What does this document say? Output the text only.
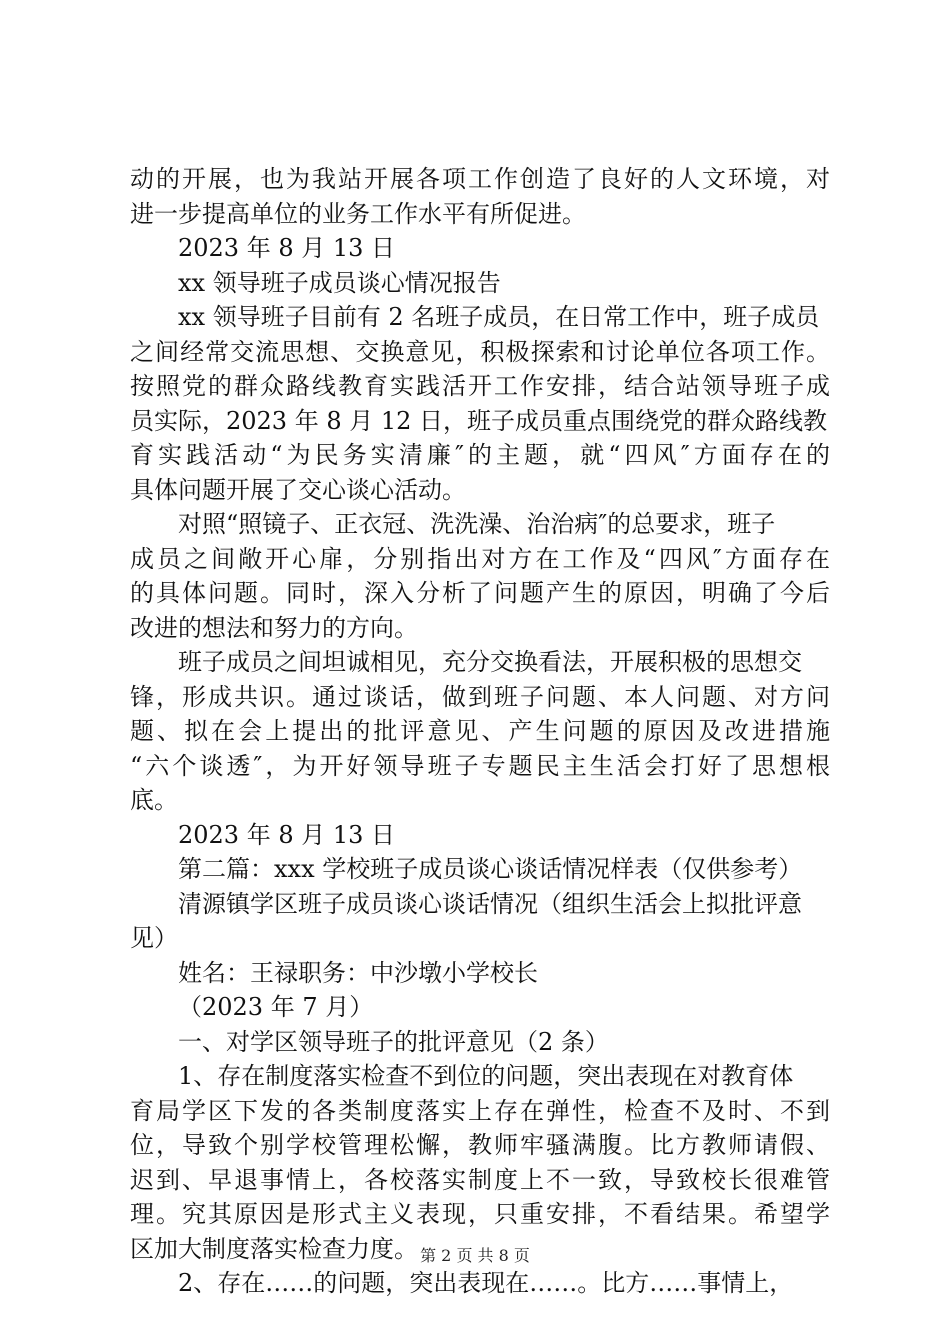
动的开展，也为我站开展各项工作创造了良好的人文环境，对
进一步提高单位的业务工作水平有所促进。
2023 年 8 月 13 日
xx 领导班子成员谈心情况报告
xx 领导班子目前有 2 名班子成员，在日常工作中，班子成员
之间经常交流思想、交换意见，积极探索和讨论单位各项工作。
按照党的群众路线教育实践活开工作安排，结合站领导班子成
员实际，2023 年 8 月 12 日，班子成员重点围绕党的群众路线教
育实践活动“为民务实清廉″的主题，就“四风″方面存在的
具体问题开展了交心谈心活动。
对照“照镜子、正衣冠、洗洗澡、治治病″的总要求，班子
成员之间敞开心扉，分别指出对方在工作及“四风″方面存在
的具体问题。同时，深入分析了问题产生的原因，明确了今后
改进的想法和努力的方向。
班子成员之间坦诚相见，充分交换看法，开展积极的思想交
锋，形成共识。通过谈话，做到班子问题、本人问题、对方问
题、拟在会上提出的批评意见、产生问题的原因及改进措施
“六个谈透″，为开好领导班子专题民主生活会打好了思想根
底。
2023 年 8 月 13 日
第二篇：xxx 学校班子成员谈心谈话情况样表（仅供参考）
清源镇学区班子成员谈心谈话情况（组织生活会上拟批评意
见）
姓名：王禄职务：中沙墩小学校长
（2023 年 7 月）
一、对学区领导班子的批评意见（2 条）
1、存在制度落实检查不到位的问题，突出表现在对教育体
育局学区下发的各类制度落实上存在弹性，检查不及时、不到
位，导致个别学校管理松懈，教师牢骚满腹。比方教师请假、
迟到、早退事情上，各校落实制度上不一致，导致校长很难管
理。究其原因是形式主义表现，只重安排，不看结果。希望学
区加大制度落实检查力度。
2、存在……的问题，突出表现在……。比方……事情上，
第 2 页 共 8 页
